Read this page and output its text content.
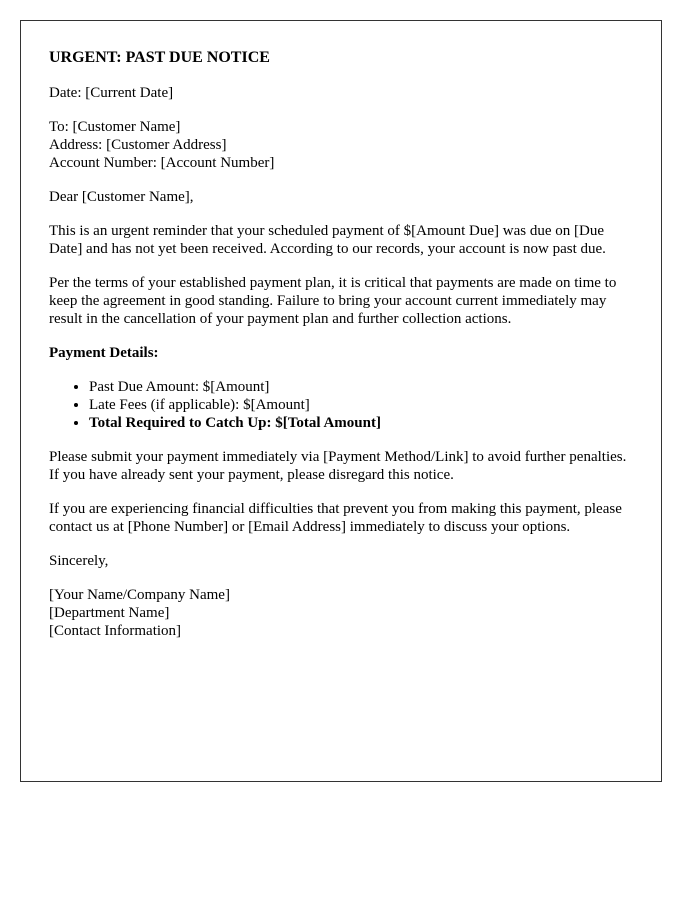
URGENT: PAST DUE NOTICE

Date: [Current Date]

To: [Customer Name]
Address: [Customer Address]
Account Number: [Account Number]

Dear [Customer Name],

This is an urgent reminder that your scheduled payment of $[Amount Due] was due on [Due Date] and has not yet been received. According to our records, your account is now past due.

Per the terms of your established payment plan, it is critical that payments are made on time to keep the agreement in good standing. Failure to bring your account current immediately may result in the cancellation of your payment plan and further collection actions.

Payment Details:

• Past Due Amount: $[Amount]
• Late Fees (if applicable): $[Amount]
• Total Required to Catch Up: $[Total Amount]

Please submit your payment immediately via [Payment Method/Link] to avoid further penalties. If you have already sent your payment, please disregard this notice.

If you are experiencing financial difficulties that prevent you from making this payment, please contact us at [Phone Number] or [Email Address] immediately to discuss your options.

Sincerely,

[Your Name/Company Name]
[Department Name]
[Contact Information]
